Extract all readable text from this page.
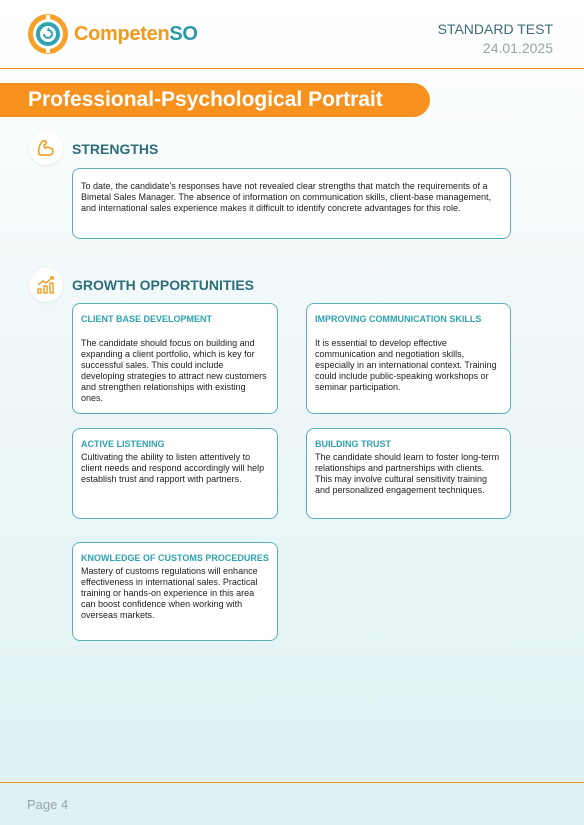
CompetenSO	STANDARD TEST
24.01.2025
Professional-Psychological Portrait
STRENGTHS
To date, the candidate's responses have not revealed clear strengths that match the requirements of a Bimetal Sales Manager. The absence of information on communication skills, client-base management, and international sales experience makes it difficult to identify concrete advantages for this role.
GROWTH OPPORTUNITIES
CLIENT BASE DEVELOPMENT
The candidate should focus on building and expanding a client portfolio, which is key for successful sales. This could include developing strategies to attract new customers and strengthen relationships with existing ones.
IMPROVING COMMUNICATION SKILLS
It is essential to develop effective communication and negotiation skills, especially in an international context. Training could include public-speaking workshops or seminar participation.
ACTIVE LISTENING
Cultivating the ability to listen attentively to client needs and respond accordingly will help establish trust and rapport with partners.
BUILDING TRUST
The candidate should learn to foster long-term relationships and partnerships with clients. This may involve cultural sensitivity training and personalized engagement techniques.
KNOWLEDGE OF CUSTOMS PROCEDURES
Mastery of customs regulations will enhance effectiveness in international sales. Practical training or hands-on experience in this area can boost confidence when working with overseas markets.
Page 4
